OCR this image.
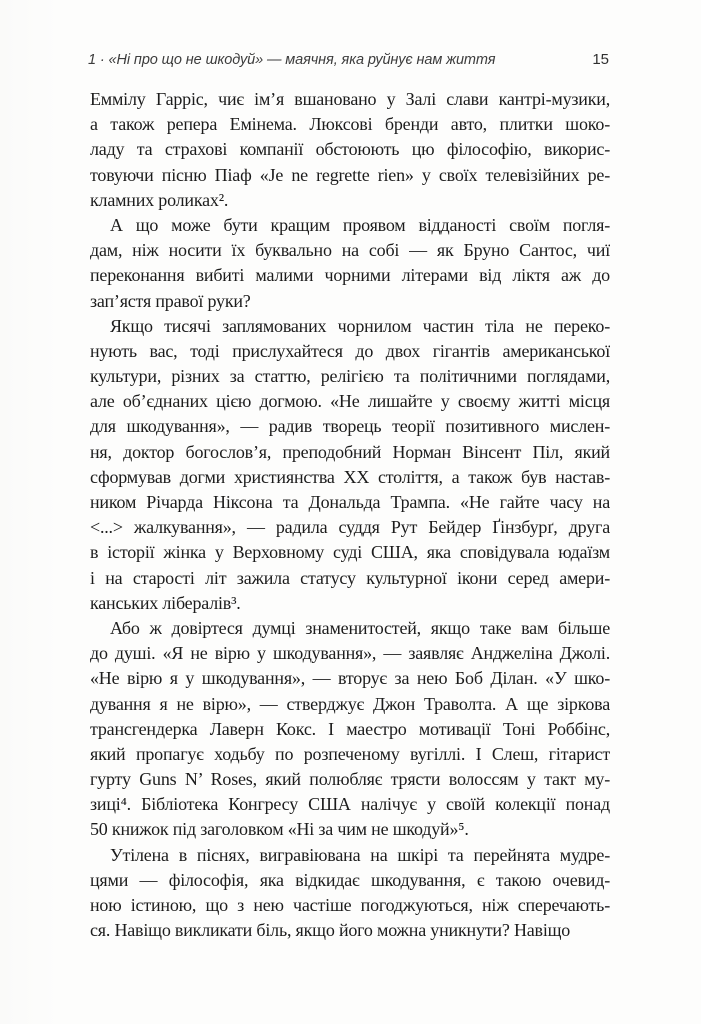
1 · «Ні про що не шкодуй» — маячня, яка руйнує нам життя	15
Еммілу Гарріс, чиє ім’я вшановано у Залі слави кантрі-музики,
а також репера Емінема. Люксові бренди авто, плитки шоко-
ладу та страхові компанії обстоюють цю філософію, викорис-
товуючи пісню Піаф «Je ne regrette rien» у своїх телевізійних ре-
кламних роликах².
А що може бути кращим проявом відданості своїм погля-
дам, ніж носити їх буквально на собі — як Бруно Сантос, чиї
переконання вибиті малими чорними літерами від ліктя аж до
зап’ястя правої руки?
Якщо тисячі заплямованих чорнилом частин тіла не переко-
нують вас, тоді прислухайтеся до двох гігантів американської
культури, різних за статтю, релігією та політичними поглядами,
але об’єднаних цією догмою. «Не лишайте у своєму житті місця
для шкодування», — радив творець теорії позитивного мислен-
ня, доктор богослов’я, преподобний Норман Вінсент Піл, який
сформував догми християнства XX століття, а також був настав-
ником Річарда Ніксона та Дональда Трампа. «Не гайте часу на
<...> жалкування», — радила суддя Рут Бейдер Ґінзбурґ, друга
в історії жінка у Верховному суді США, яка сповідувала юдаїзм
і на старості літ зажила статусу культурної ікони серед амери-
канських лібералів³.
Або ж довіртеся думці знаменитостей, якщо таке вам більше
до душі. «Я не вірю у шкодування», — заявляє Анджеліна Джолі.
«Не вірю я у шкодування», — вторує за нею Боб Ділан. «У шко-
дування я не вірю», — стверджує Джон Траволта. А ще зіркова
трансгендерка Лаверн Кокс. І маестро мотивації Тоні Роббінс,
який пропагує ходьбу по розпеченому вугіллі. І Слеш, гітарист
гурту Guns N’ Roses, який полюбляє трясти волоссям у такт му-
зиці⁴. Бібліотека Конгресу США налічує у своїй колекції понад
50 книжок під заголовком «Ні за чим не шкодуй»⁵.
Утілена в піснях, вигравіювана на шкірі та перейнята мудре-
цями — філософія, яка відкидає шкодування, є такою очевид-
ною істиною, що з нею частіше погоджуються, ніж сперечають-
ся. Навіщо викликати біль, якщо його можна уникнути? Навіщо
